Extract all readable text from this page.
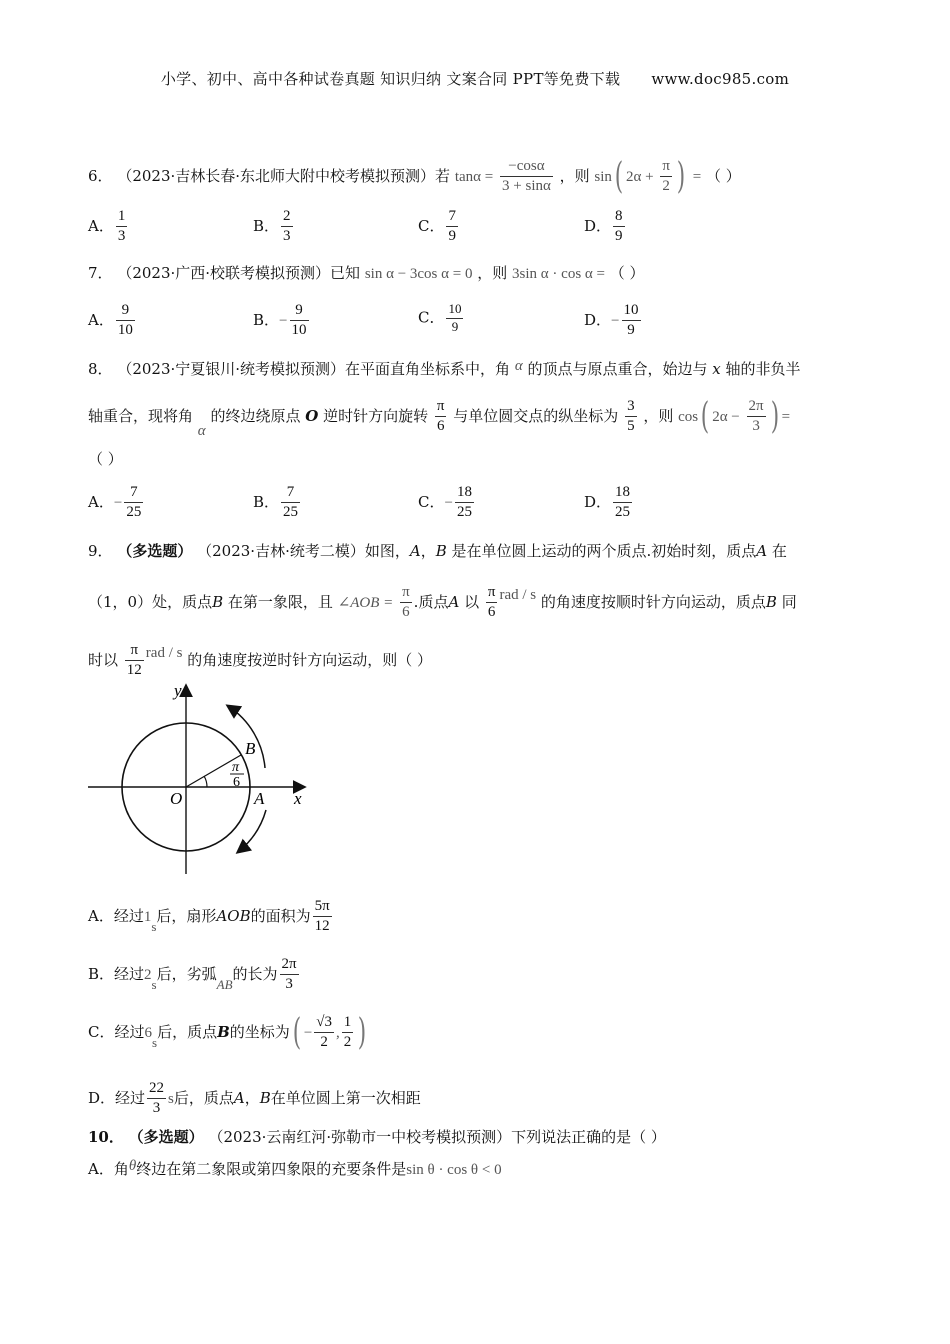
小学、初中、高中各种试卷真题 知识归纳 文案合同 PPT等免费下载 www.doc985.com
6． （2023·吉林长春·东北师大附中校考模拟预测）若 $\tan\alpha = \frac{-\cos\alpha}{3 + \sin\alpha}$ ，则 sin( $2\alpha + \frac{\pi}{2}$ ) = （ ）
A． $\frac{1}{3}$	B． $\frac{2}{3}$	C． $\frac{7}{9}$	D． $\frac{8}{9}$
7． （2023·广西·校联考模拟预测）已知 sin α − 3cos α = 0 ，则 3sin α · cos α = （ ）
A． $\frac{9}{10}$	B．− $\frac{9}{10}$	C． $\frac{10}{9}$	D．− $\frac{10}{9}$
8． （2023·宁夏银川·统考模拟预测）在平面直角坐标系中，角 α 的顶点与原点重合，始边与 x 轴的非负半
轴重合，现将角 α 的终边绕原点 O 逆时针方向旋转 $\frac{\pi}{6}$ 与单位圆交点的纵坐标为 $\frac{3}{5}$ ，则 cos( $2\alpha - \frac{2\pi}{3}$ ) =
（ ）
A．− $\frac{7}{25}$	B． $\frac{7}{25}$	C．− $\frac{18}{25}$	D． $\frac{18}{25}$
9． （多选题） （2023·吉林·统考二模）如图，A，B 是在单位圆上运动的两个质点.初始时刻，质点A 在
（1，0）处，质点B 在第一象限，且 ∠AOB = $\frac{\pi}{6}$ .质点A 以 $\frac{\pi}{6}$ rad / s 的角速度按顺时针方向运动，质点B 同
时以 $\frac{\pi}{12}$ rad / s 的角速度按逆时针方向运动，则（ ）
y
x
O	A
B
π
6
A．经过1s后，扇形AOB的面积为 $\frac{5\pi}{12}$
B．经过2s后，劣弧AB的长为 $\frac{2\pi}{3}$
C．经过6s后，质点B的坐标为( − $\frac{√3}{2}$ , $\frac{1}{2}$ )
D．经过 $\frac{22}{3}$ s后，质点A，B在单位圆上第一次相距
10． （多选题） （2023·云南红河·弥勒市一中校考模拟预测）下列说法正确的是（ ）
A．角θ终边在第二象限或第四象限的充要条件是sin θ · cos θ < 0
